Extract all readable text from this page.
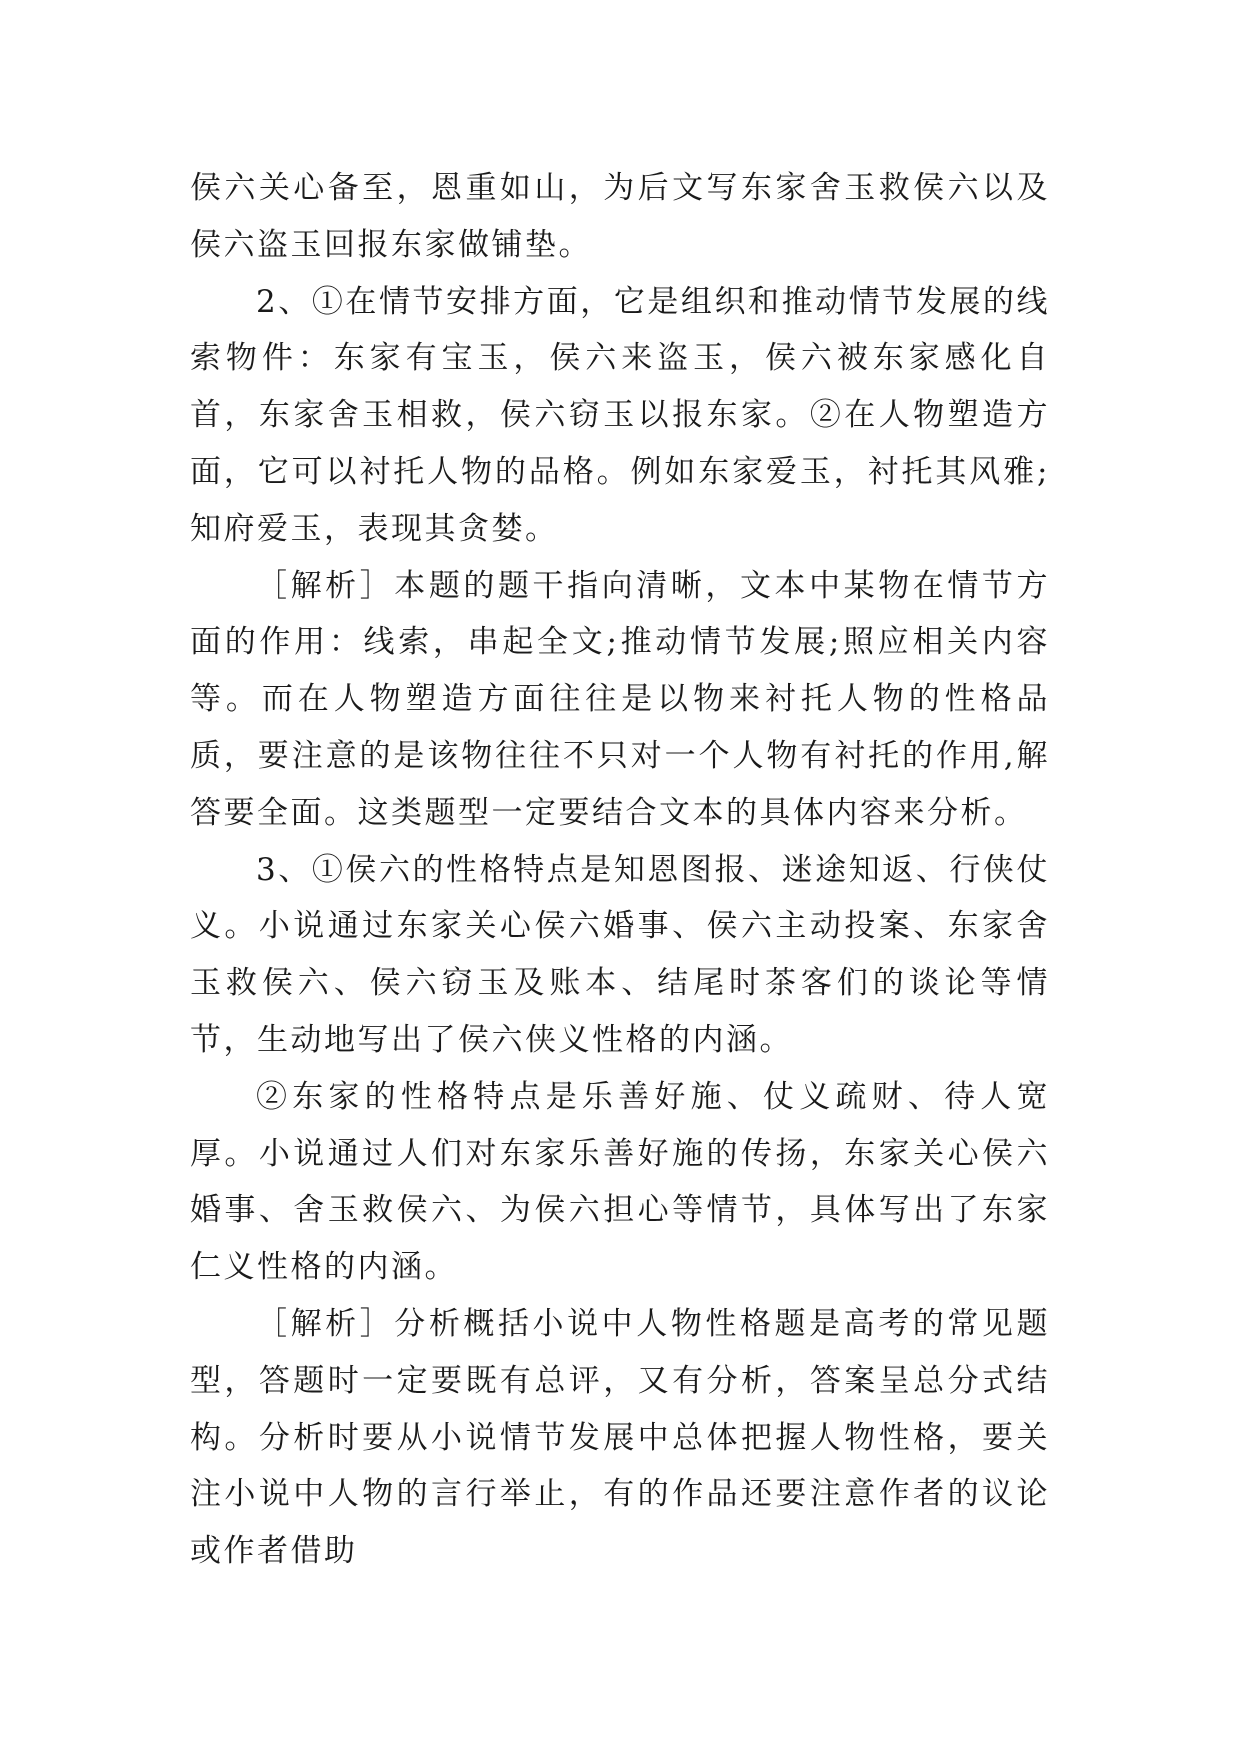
侯六关心备至，恩重如山，为后文写东家舍玉救侯六以及侯六盗玉回报东家做铺垫。

2、①在情节安排方面，它是组织和推动情节发展的线索物件：东家有宝玉，侯六来盗玉，侯六被东家感化自首，东家舍玉相救，侯六窃玉以报东家。②在人物塑造方面，它可以衬托人物的品格。例如东家爱玉，衬托其风雅;知府爱玉，表现其贪婪。

［解析］本题的题干指向清晰，文本中某物在情节方面的作用：线索，串起全文;推动情节发展;照应相关内容等。而在人物塑造方面往往是以物来衬托人物的性格品质，要注意的是该物往往不只对一个人物有衬托的作用,解答要全面。这类题型一定要结合文本的具体内容来分析。

3、①侯六的性格特点是知恩图报、迷途知返、行侠仗义。小说通过东家关心侯六婚事、侯六主动投案、东家舍玉救侯六、侯六窃玉及账本、结尾时茶客们的谈论等情节，生动地写出了侯六侠义性格的内涵。

②东家的性格特点是乐善好施、仗义疏财、待人宽厚。小说通过人们对东家乐善好施的传扬，东家关心侯六婚事、舍玉救侯六、为侯六担心等情节，具体写出了东家仁义性格的内涵。

［解析］分析概括小说中人物性格题是高考的常见题型，答题时一定要既有总评，又有分析，答案呈总分式结构。分析时要从小说情节发展中总体把握人物性格，要关注小说中人物的言行举止，有的作品还要注意作者的议论或作者借助
